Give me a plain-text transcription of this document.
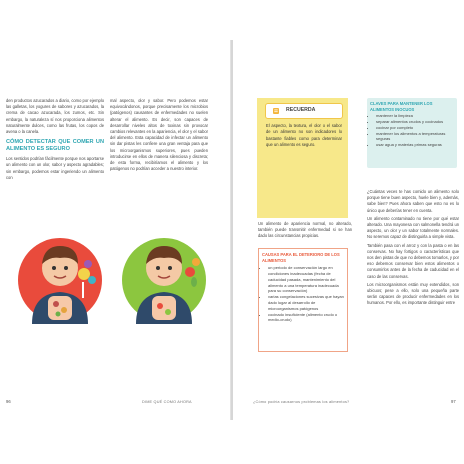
den productos azucarados a diario, como por ejemplo las galletas, los yogures de sabores y azucarados, la crema de cacao azucarada, los zumos, etc. Sin embargo, la naturaleza sí nos proporciona alimentos naturalmente dulces, como las frutas, los copos de avena o la canela.

CÓMO DETECTAR QUE COMER UN ALIMENTO ES SEGURO

Los sentidos podrían fácilmente porque nos aportarse un alimento con un olor, sabor y aspecto agradables; sin embargo, podemos estar ingeriendo un alimento con

mal aspecto, olor y sabor. Pero podemos estar equivocándonos, porque precisamente los microbios (patógenos) causantes de enfermedades no suelen alterar el alimento. Es decir, son capaces de desarrollar niveles altos de toxinas sin provocar cambios relevantes en la apariencia, el olor y el sabor del alimento. Esta capacidad de infectar un alimento sin dar pistas les confiere una gran ventaja para que los microorganismos superiores, pues pueden introducirse en ellos de manera silenciosa y discreta; de esta forma, recibiríamos el alimento y los patógenos no podrían acceder a nuestro interior.

96	DIME QUÉ COMO AHORA
RECUERDA
El aspecto, la textura, el olor o el sabor de un alimento no son indicadores lo bastante fiables como para determinar que un alimento es seguro.
Un alimento de apariencia normal, no alterado, también puede transmitir enfermedad si se han dado las circunstancias propicias.
CAUSAS PARA EL DETERIORO DE LOS ALIMENTOS
• un periodo de conservación largo en condiciones inadecuadas (fecha de caducidad pasada, mantenimiento del alimento a una temperatura inadecuada para su conservación)
• varias congelaciones sucesivas que hayan dado lugar al desarrollo de microorganismos patógenos
• cocinado insuficiente (alimento crudo o medio-crudo)
CLAVES PARA MANTENER LOS ALIMENTOS INOCUOS
• mantener la limpieza
• separar alimentos crudos y cocinados
• cocinar por completo
• mantener los alimentos a temperaturas seguras
• usar agua y materias primas seguras

¿Cuántas veces te has comido un alimento solo porque tiene buen aspecto, huele bien y, además, sabe bien? Pues ahora saben que esto no es lo único que deberías tener en cuenta.

Un alimento contaminado no tiene por qué estar alterado. Una mayonesa con salmonella tendrá un aspecto, un olor y un sabor totalmente normales. No seremos capaz de distinguirla a simple vista.

También pasa con el arroz y con la pasta o en las conservas. No hay fortigos o características que nos den pistas de que no debemos tomarlos, y por eso debemos conservar bien estos alimentos o consumirlos antes de la fecha de caducidad en el caso de las conservas.

Los microorganismos están muy extendidos, son ubicuos; pese a ello, solo una pequeña parte serán capaces de producir enfermedades en los humanos. Por ello, es importante distinguir entre

¿Cómo podría causarnos problemas los alimentos?	97
